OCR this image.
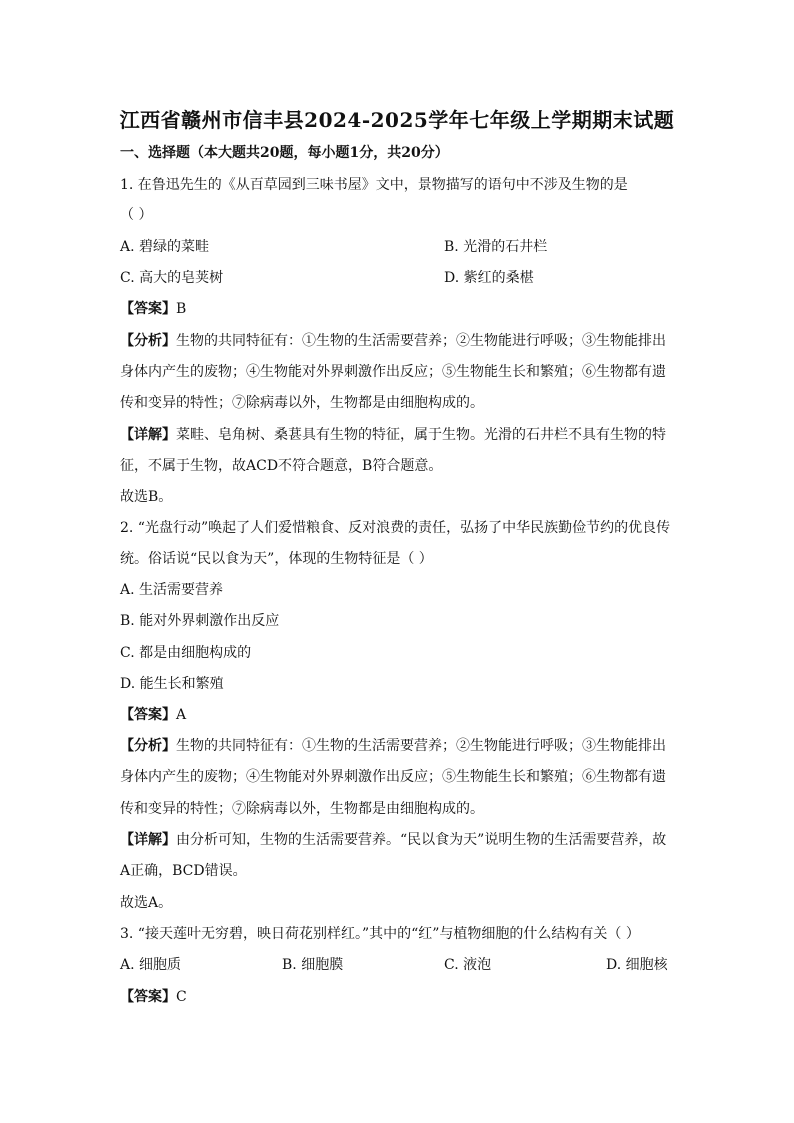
江西省赣州市信丰县2024-2025学年七年级上学期期末试题
一、选择题（本大题共20题，每小题1分，共20分）
1. 在鲁迅先生的《从百草园到三味书屋》文中，景物描写的语句中不涉及生物的是
（ ）
A. 碧绿的菜畦	B. 光滑的石井栏
C. 高大的皂荚树	D. 紫红的桑椹
【答案】B
【分析】生物的共同特征有：①生物的生活需要营养；②生物能进行呼吸；③生物能排出
身体内产生的废物；④生物能对外界刺激作出反应；⑤生物能生长和繁殖；⑥生物都有遗
传和变异的特性；⑦除病毒以外，生物都是由细胞构成的。
【详解】菜畦、皂角树、桑葚具有生物的特征，属于生物。光滑的石井栏不具有生物的特
征，不属于生物，故ACD不符合题意，B符合题意。
故选B。
2. “光盘行动”唤起了人们爱惜粮食、反对浪费的责任，弘扬了中华民族勤俭节约的优良传
统。俗话说“民以食为天”，体现的生物特征是（ ）
A. 生活需要营养
B. 能对外界刺激作出反应
C. 都是由细胞构成的
D. 能生长和繁殖
【答案】A
【分析】生物的共同特征有：①生物的生活需要营养；②生物能进行呼吸；③生物能排出
身体内产生的废物；④生物能对外界刺激作出反应；⑤生物能生长和繁殖；⑥生物都有遗
传和变异的特性；⑦除病毒以外，生物都是由细胞构成的。
【详解】由分析可知，生物的生活需要营养。“民以食为天”说明生物的生活需要营养，故
A正确，BCD错误。
故选A。
3. “接天莲叶无穷碧，映日荷花别样红。”其中的“红”与植物细胞的什么结构有关（ ）
A. 细胞质	B. 细胞膜	C. 液泡	D. 细胞核
【答案】C
